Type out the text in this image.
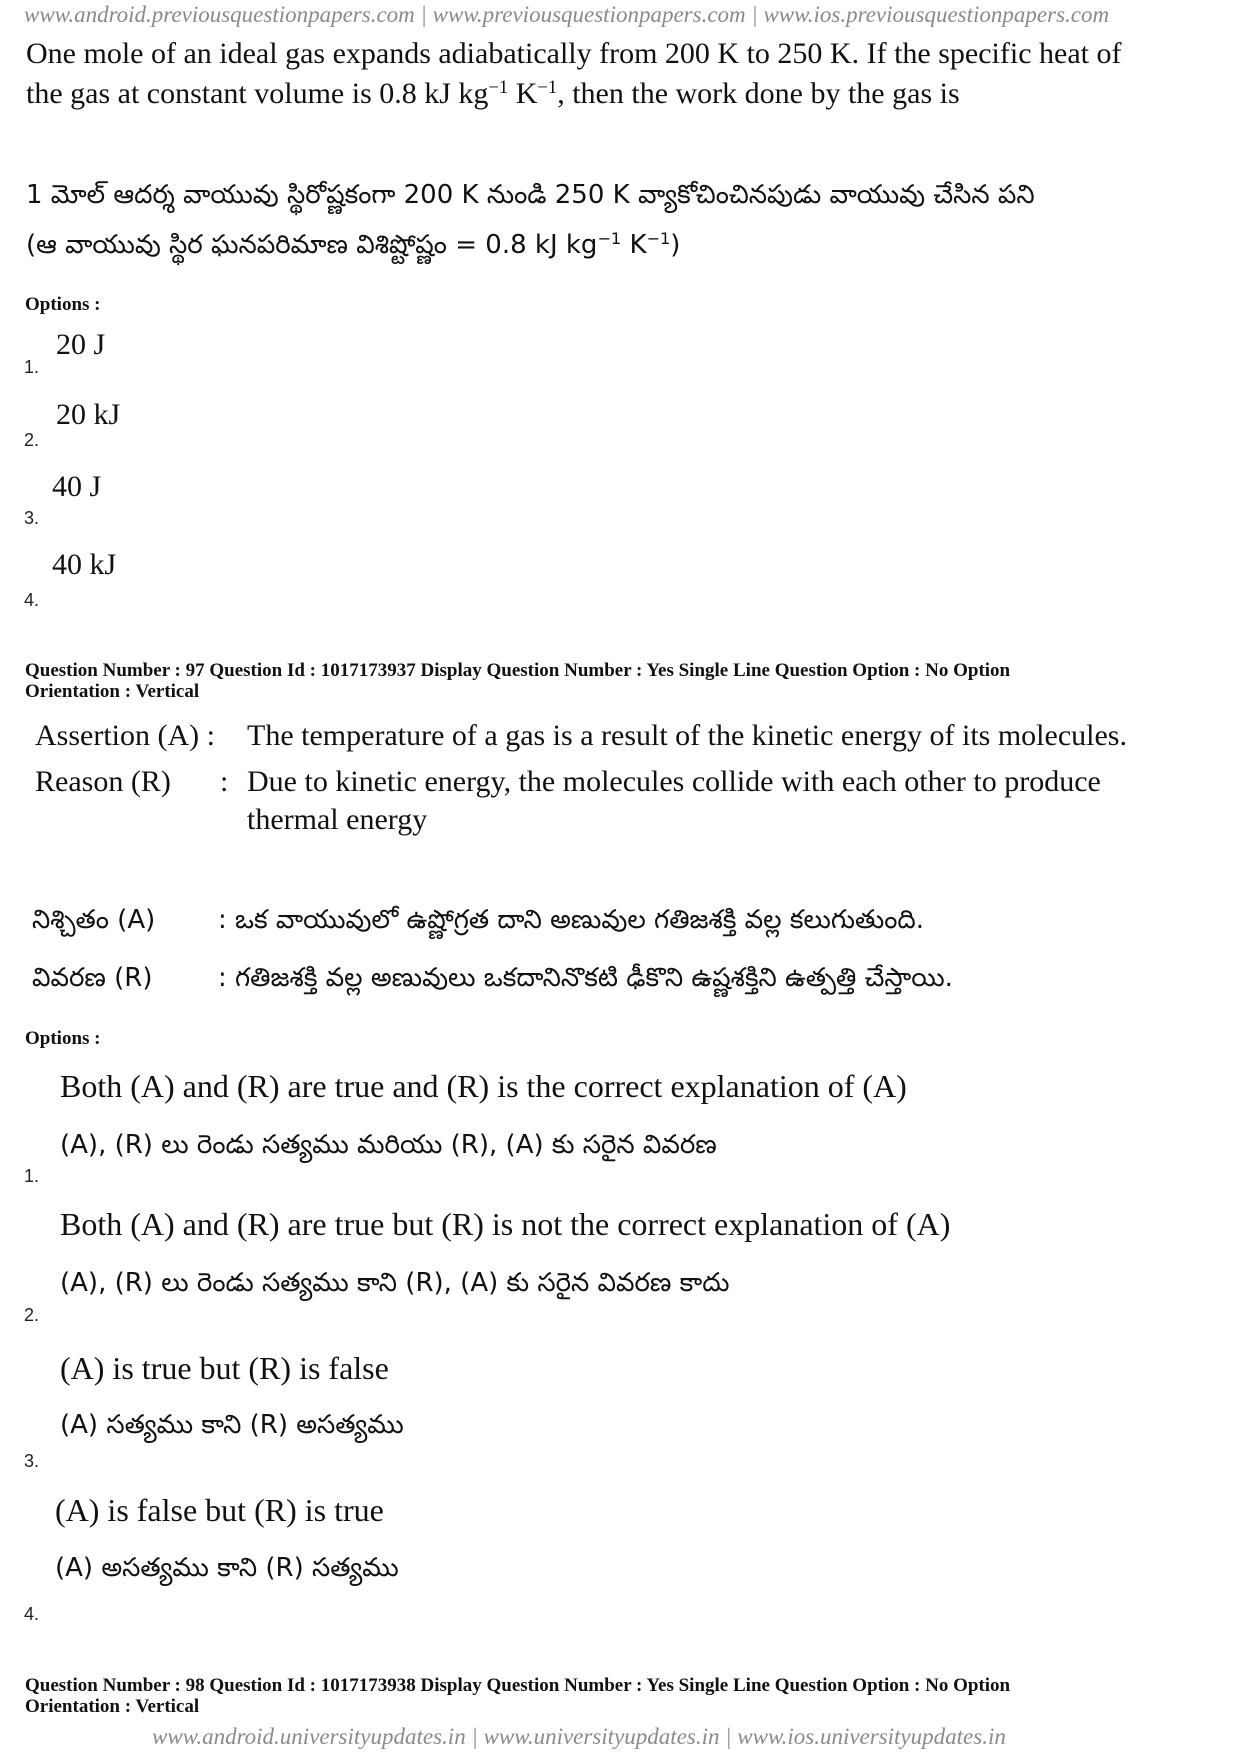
www.android.previousquestionpapers.com | www.previousquestionpapers.com | www.ios.previousquestionpapers.com
One mole of an ideal gas expands adiabatically from 200 K to 250 K. If the specific heat of
the gas at constant volume is 0.8 kJ $kg^{-1}$ $K^{-1}$, then the work done by the gas is
1 మోల్ ఆదర్శ వాయువు స్థిరోష్ణకంగా 200 K నుండి 250 K వ్యాకోచించినపుడు వాయువు చేసిన పని
(ఆ వాయువు స్థిర ఘనపరిమాణ విశిష్టోష్ణం = 0.8 kJ $kg^{-1}$ $K^{-1}$)
Options :
20 J
1.
20 kJ
2.
40 J
3.
40 kJ
4.
Question Number : 97 Question Id : 1017173937 Display Question Number : Yes Single Line Question Option : No Option
Orientation : Vertical
Assertion (A) : The temperature of a gas is a result of the kinetic energy of its molecules.
Reason (R) : Due to kinetic energy, the molecules collide with each other to produce
thermal energy
నిశ్చితం (A) : ఒక వాయువులో ఉష్ణోగ్రత దాని అణువుల గతిజశక్తి వల్ల కలుగుతుంది.
వివరణ (R)	: గతిజశక్తి వల్ల అణువులు ఒకదానినొకటి ఢీకొని ఉష్ణశక్తిని ఉత్పత్తి చేస్తాయి.
Options :
Both (A) and (R) are true and (R) is the correct explanation of (A)
(A), (R) లు రెండు సత్యము మరియు (R), (A) కు సరైన వివరణ
1.
Both (A) and (R) are true but (R) is not the correct explanation of (A)
(A), (R) లు రెండు సత్యము కాని (R), (A) కు సరైన వివరణ కాదు
2.
(A) is true but (R) is false
(A) సత్యము కాని (R) అసత్యము
3.
(A) is false but (R) is true
(A) అసత్యము కాని (R) సత్యము
4.
Question Number : 98 Question Id : 1017173938 Display Question Number : Yes Single Line Question Option : No Option
Orientation : Vertical
www.android.universityupdates.in | www.universityupdates.in | www.ios.universityupdates.in
